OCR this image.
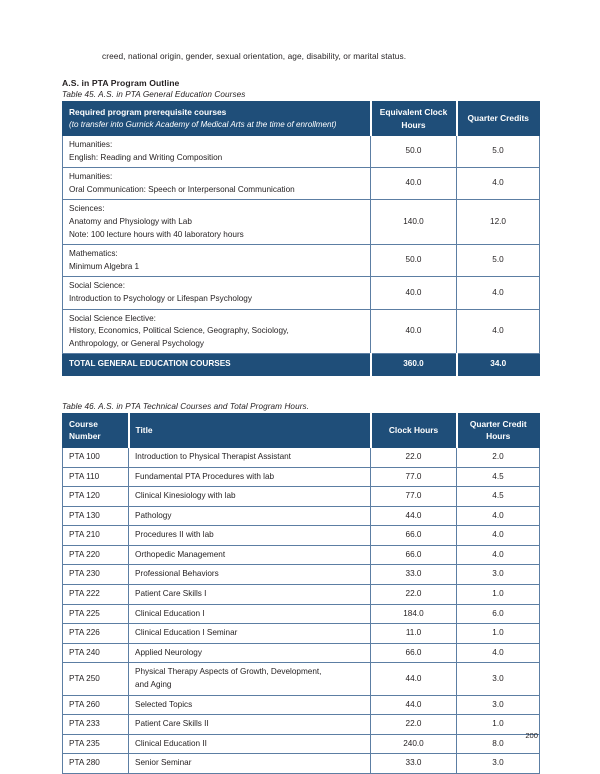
creed, national origin, gender, sexual orientation, age, disability, or marital status.

A.S. in PTA Program Outline
Table 45. A.S. in PTA General Education Courses
Required program prerequisite courses
(to transfer into Gurnick Academy of Medical Arts at the time of enrollment)	Equivalent Clock Hours	Quarter Credits

Humanities:
English: Reading and Writing Composition	50.0	5.0

Humanities:
Oral Communication: Speech or Interpersonal Communication	40.0	4.0

Sciences:
Anatomy and Physiology with Lab
Note: 100 lecture hours with 40 laboratory hours	140.0	12.0

Mathematics:
Minimum Algebra 1	50.0	5.0

Social Science:
Introduction to Psychology or Lifespan Psychology	40.0	4.0

Social Science Elective:
History, Economics, Political Science, Geography, Sociology,
Anthropology, or General Psychology	40.0	4.0
TOTAL GENERAL EDUCATION COURSES	360.0	34.0
Table 46. A.S. in PTA Technical Courses and Total Program Hours.
Course Number	Title	Clock Hours	Quarter Credit Hours
PTA 100	Introduction to Physical Therapist Assistant	22.0	2.0
PTA 110	Fundamental PTA Procedures with lab	77.0	4.5
PTA 120	Clinical Kinesiology with lab	77.0	4.5
PTA 130	Pathology	44.0	4.0
PTA 210	Procedures II with lab	66.0	4.0
PTA 220	Orthopedic Management	66.0	4.0
PTA 230	Professional Behaviors	33.0	3.0
PTA 222	Patient Care Skills I	22.0	1.0
PTA 225	Clinical Education I	184.0	6.0
PTA 226	Clinical Education I Seminar	11.0	1.0
PTA 240	Applied Neurology	66.0	4.0
PTA 250	Physical Therapy Aspects of Growth, Development,
and Aging	44.0	3.0
PTA 260	Selected Topics	44.0	3.0
PTA 233	Patient Care Skills II	22.0	1.0
PTA 235	Clinical Education II	240.0	8.0
PTA 280	Senior Seminar	33.0	3.0
200
